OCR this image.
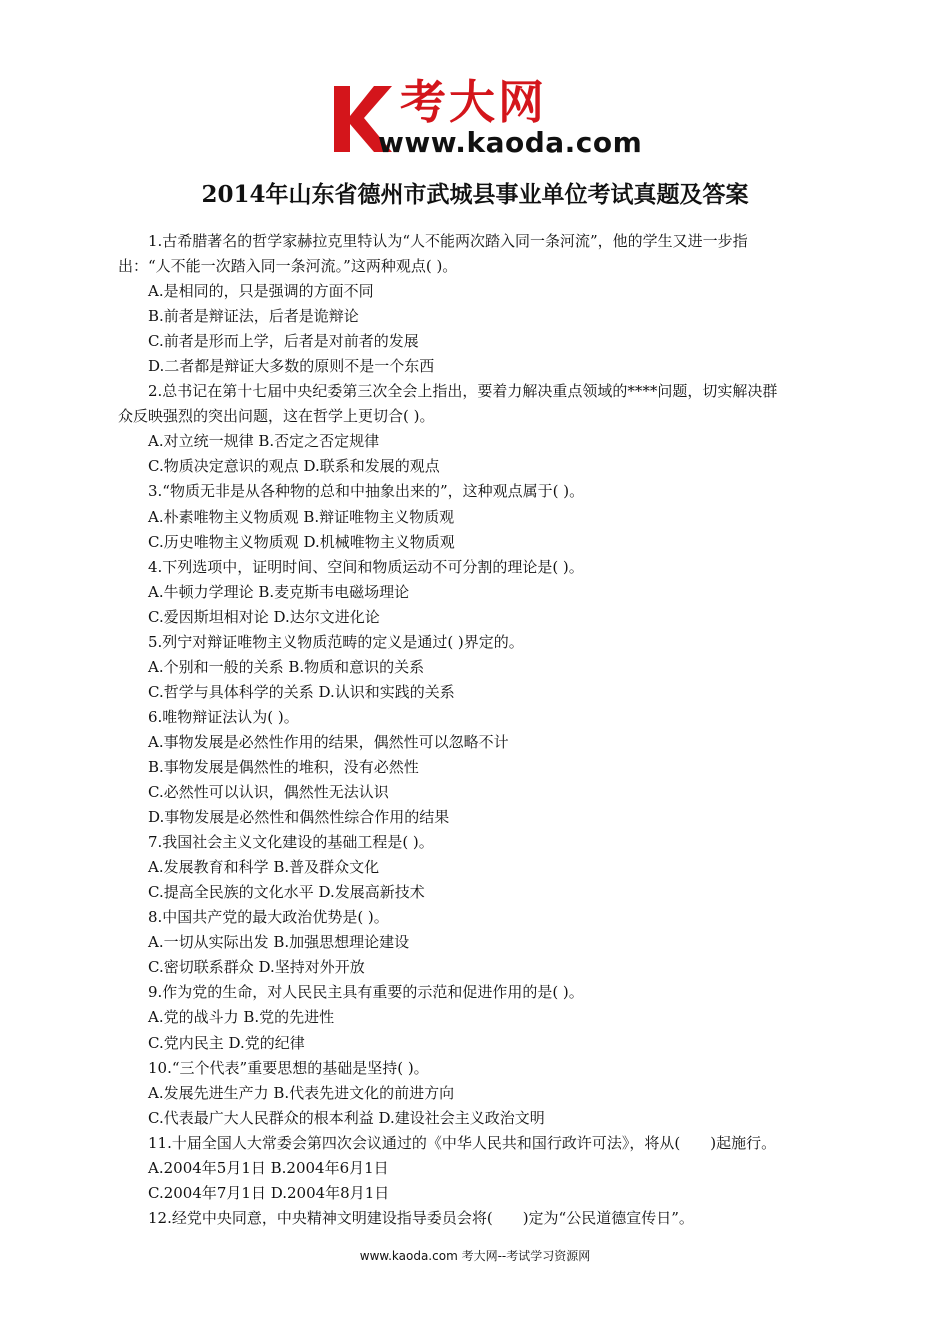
考大网
www.kaoda.com
2014年山东省德州市武城县事业单位考试真题及答案
1.古希腊著名的哲学家赫拉克里特认为“人不能两次踏入同一条河流”，他的学生又进一步指
出：“人不能一次踏入同一条河流。”这两种观点( )。
A.是相同的，只是强调的方面不同
B.前者是辩证法，后者是诡辩论
C.前者是形而上学，后者是对前者的发展
D.二者都是辩证大多数的原则不是一个东西
2.总书记在第十七届中央纪委第三次全会上指出，要着力解决重点领域的****问题，切实解决群
众反映强烈的突出问题，这在哲学上更切合( )。
A.对立统一规律 B.否定之否定规律
C.物质决定意识的观点 D.联系和发展的观点
3.“物质无非是从各种物的总和中抽象出来的”，这种观点属于( )。
A.朴素唯物主义物质观 B.辩证唯物主义物质观
C.历史唯物主义物质观 D.机械唯物主义物质观
4.下列选项中，证明时间、空间和物质运动不可分割的理论是( )。
A.牛顿力学理论 B.麦克斯韦电磁场理论
C.爱因斯坦相对论 D.达尔文进化论
5.列宁对辩证唯物主义物质范畴的定义是通过( )界定的。
A.个别和一般的关系 B.物质和意识的关系
C.哲学与具体科学的关系 D.认识和实践的关系
6.唯物辩证法认为( )。
A.事物发展是必然性作用的结果，偶然性可以忽略不计
B.事物发展是偶然性的堆积，没有必然性
C.必然性可以认识，偶然性无法认识
D.事物发展是必然性和偶然性综合作用的结果
7.我国社会主义文化建设的基础工程是( )。
A.发展教育和科学 B.普及群众文化
C.提高全民族的文化水平 D.发展高新技术
8.中国共产党的最大政治优势是( )。
A.一切从实际出发 B.加强思想理论建设
C.密切联系群众 D.坚持对外开放
9.作为党的生命，对人民民主具有重要的示范和促进作用的是( )。
A.党的战斗力 B.党的先进性
C.党内民主 D.党的纪律
10.“三个代表”重要思想的基础是坚持( )。
A.发展先进生产力 B.代表先进文化的前进方向
C.代表最广大人民群众的根本利益 D.建设社会主义政治文明
11.十届全国人大常委会第四次会议通过的《中华人民共和国行政许可法》，将从(　　)起施行。
A.2004年5月1日 B.2004年6月1日
C.2004年7月1日 D.2004年8月1日
12.经党中央同意，中央精神文明建设指导委员会将(　　)定为“公民道德宣传日”。
www.kaoda.com 考大网--考试学习资源网
